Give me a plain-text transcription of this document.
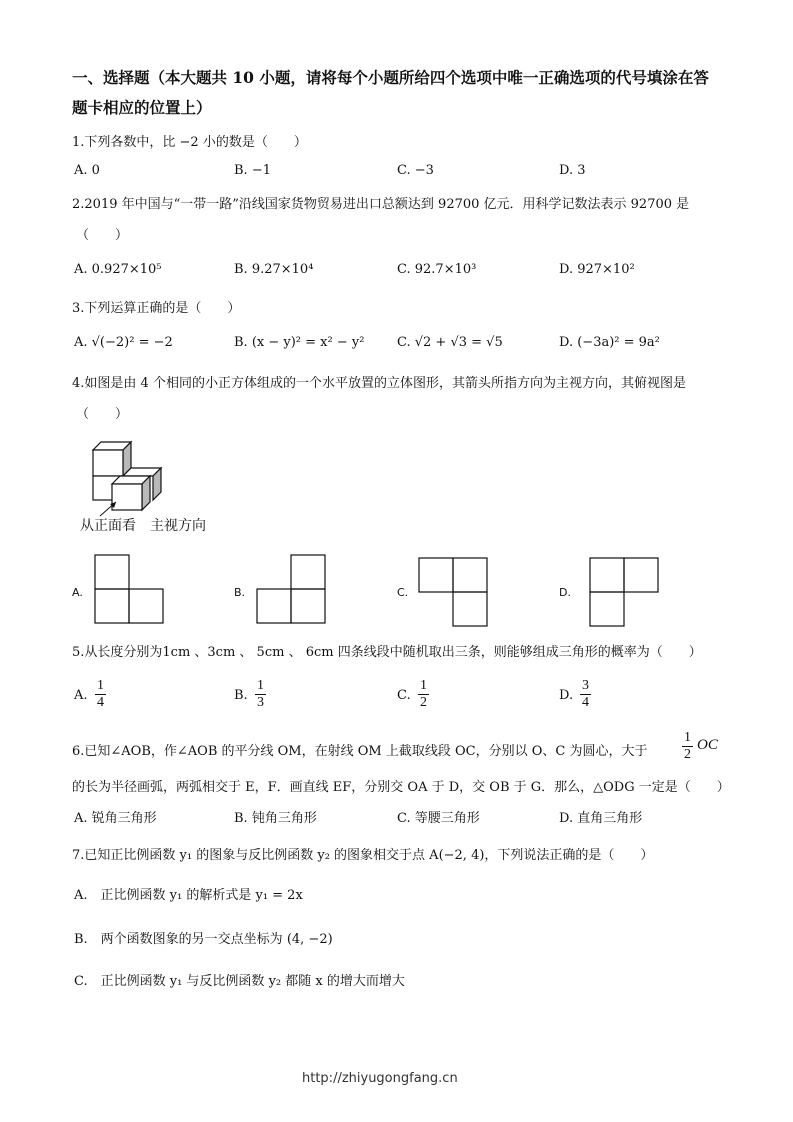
一、选择题（本大题共 10 小题，请将每个小题所给四个选项中唯一正确选项的代号填涂在答
题卡相应的位置上）
1.下列各数中，比 −2 小的数是（　　）
A. 0	B. −1	C. −3	D. 3
2.2019 年中国与“一带一路”沿线国家货物贸易进出口总额达到 92700 亿元．用科学记数法表示 92700 是
（　　）
A. 0.927×10⁵	B. 9.27×10⁴	C. 92.7×10³	D. 927×10²
3.下列运算正确的是（　　）
A. √(−2)² = −2	B. (x − y)² = x² − y²	C. √2 + √3 = √5	D. (−3a)² = 9a²
4.如图是由 4 个相同的小正方体组成的一个水平放置的立体图形，其箭头所指方向为主视方向，其俯视图是
（　　）
从正面看　主视方向
A.	B.	C.	D.
5.从长度分别为1cm 、3cm 、 5cm 、 6cm 四条线段中随机取出三条，则能够组成三角形的概率为（　　）
A. $\frac{1}{4}$	B. $\frac{1}{3}$	C. $\frac{1}{2}$	D. $\frac{3}{4}$
6.已知∠AOB，作∠AOB 的平分线 OM，在射线 OM 上截取线段 OC，分别以 O、C 为圆心，大于 $\frac{1}{2}$ OC
的长为半径画弧，两弧相交于 E，F．画直线 EF，分别交 OA 于 D，交 OB 于 G．那么，△ODG 一定是（　　）
A. 锐角三角形	B. 钝角三角形	C. 等腰三角形	D. 直角三角形
7.已知正比例函数 y₁ 的图象与反比例函数 y₂ 的图象相交于点 A(−2, 4)，下列说法正确的是（　　）
A.　正比例函数 y₁ 的解析式是 y₁ = 2x
B.　两个函数图象的另一交点坐标为 (4, −2)
C.　正比例函数 y₁ 与反比例函数 y₂ 都随 x 的增大而增大
http://zhiyugongfang.cn
